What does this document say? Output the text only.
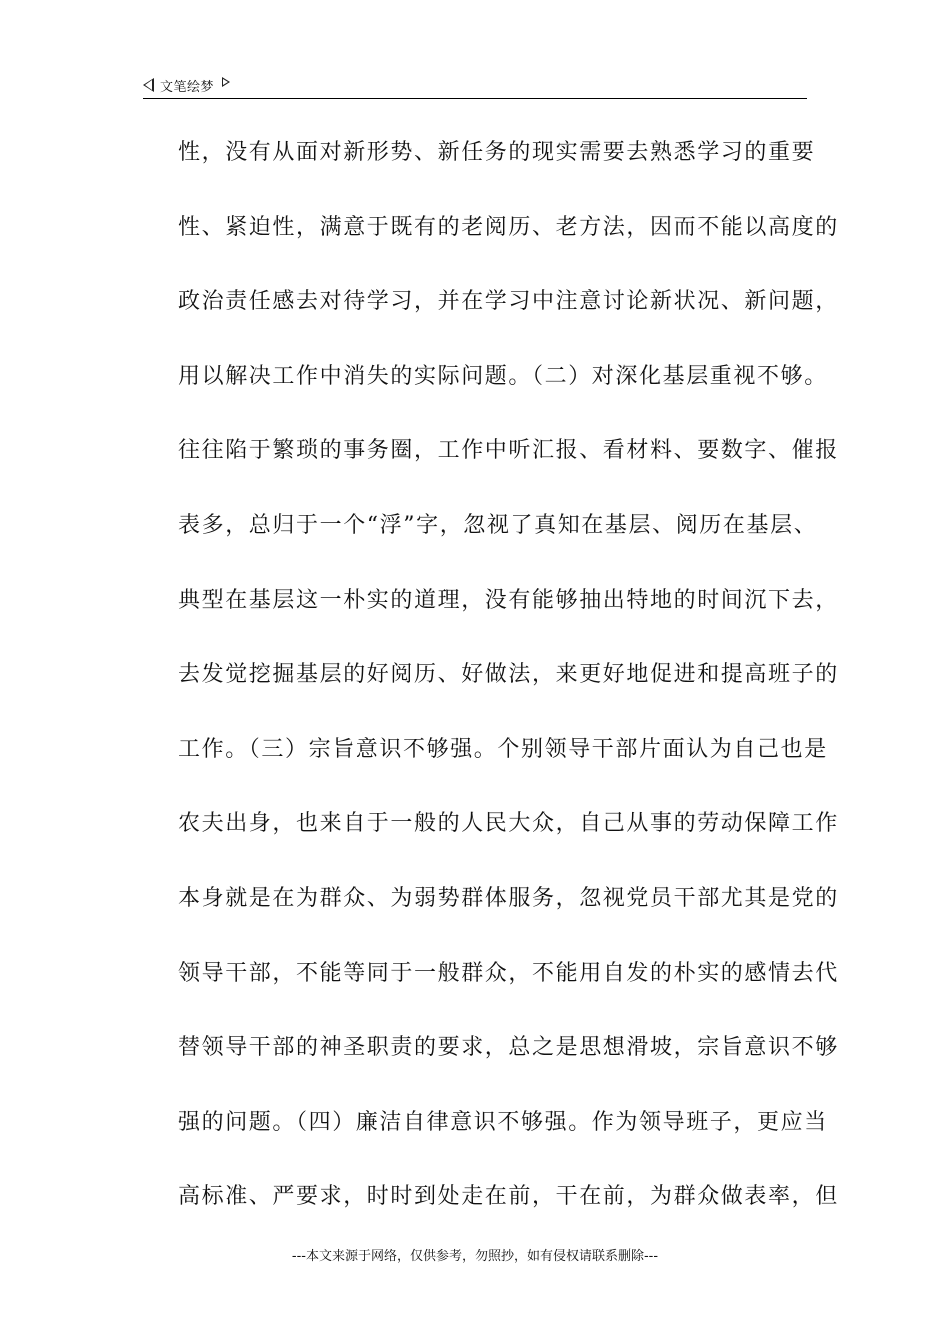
文笔绘梦
性，没有从面对新形势、新任务的现实需要去熟悉学习的重要
性、紧迫性，满意于既有的老阅历、老方法，因而不能以高度的
政治责任感去对待学习，并在学习中注意讨论新状况、新问题，
用以解决工作中消失的实际问题。（二）对深化基层重视不够。
往往陷于繁琐的事务圈，工作中听汇报、看材料、要数字、催报
表多，总归于一个“浮”字，忽视了真知在基层、阅历在基层、
典型在基层这一朴实的道理，没有能够抽出特地的时间沉下去，
去发觉挖掘基层的好阅历、好做法，来更好地促进和提高班子的
工作。（三）宗旨意识不够强。个别领导干部片面认为自己也是
农夫出身，也来自于一般的人民大众，自己从事的劳动保障工作
本身就是在为群众、为弱势群体服务，忽视党员干部尤其是党的
领导干部，不能等同于一般群众，不能用自发的朴实的感情去代
替领导干部的神圣职责的要求，总之是思想滑坡，宗旨意识不够
强的问题。（四）廉洁自律意识不够强。作为领导班子，更应当
高标准、严要求，时时到处走在前，干在前，为群众做表率，但
---本文来源于网络，仅供参考，勿照抄，如有侵权请联系删除---
